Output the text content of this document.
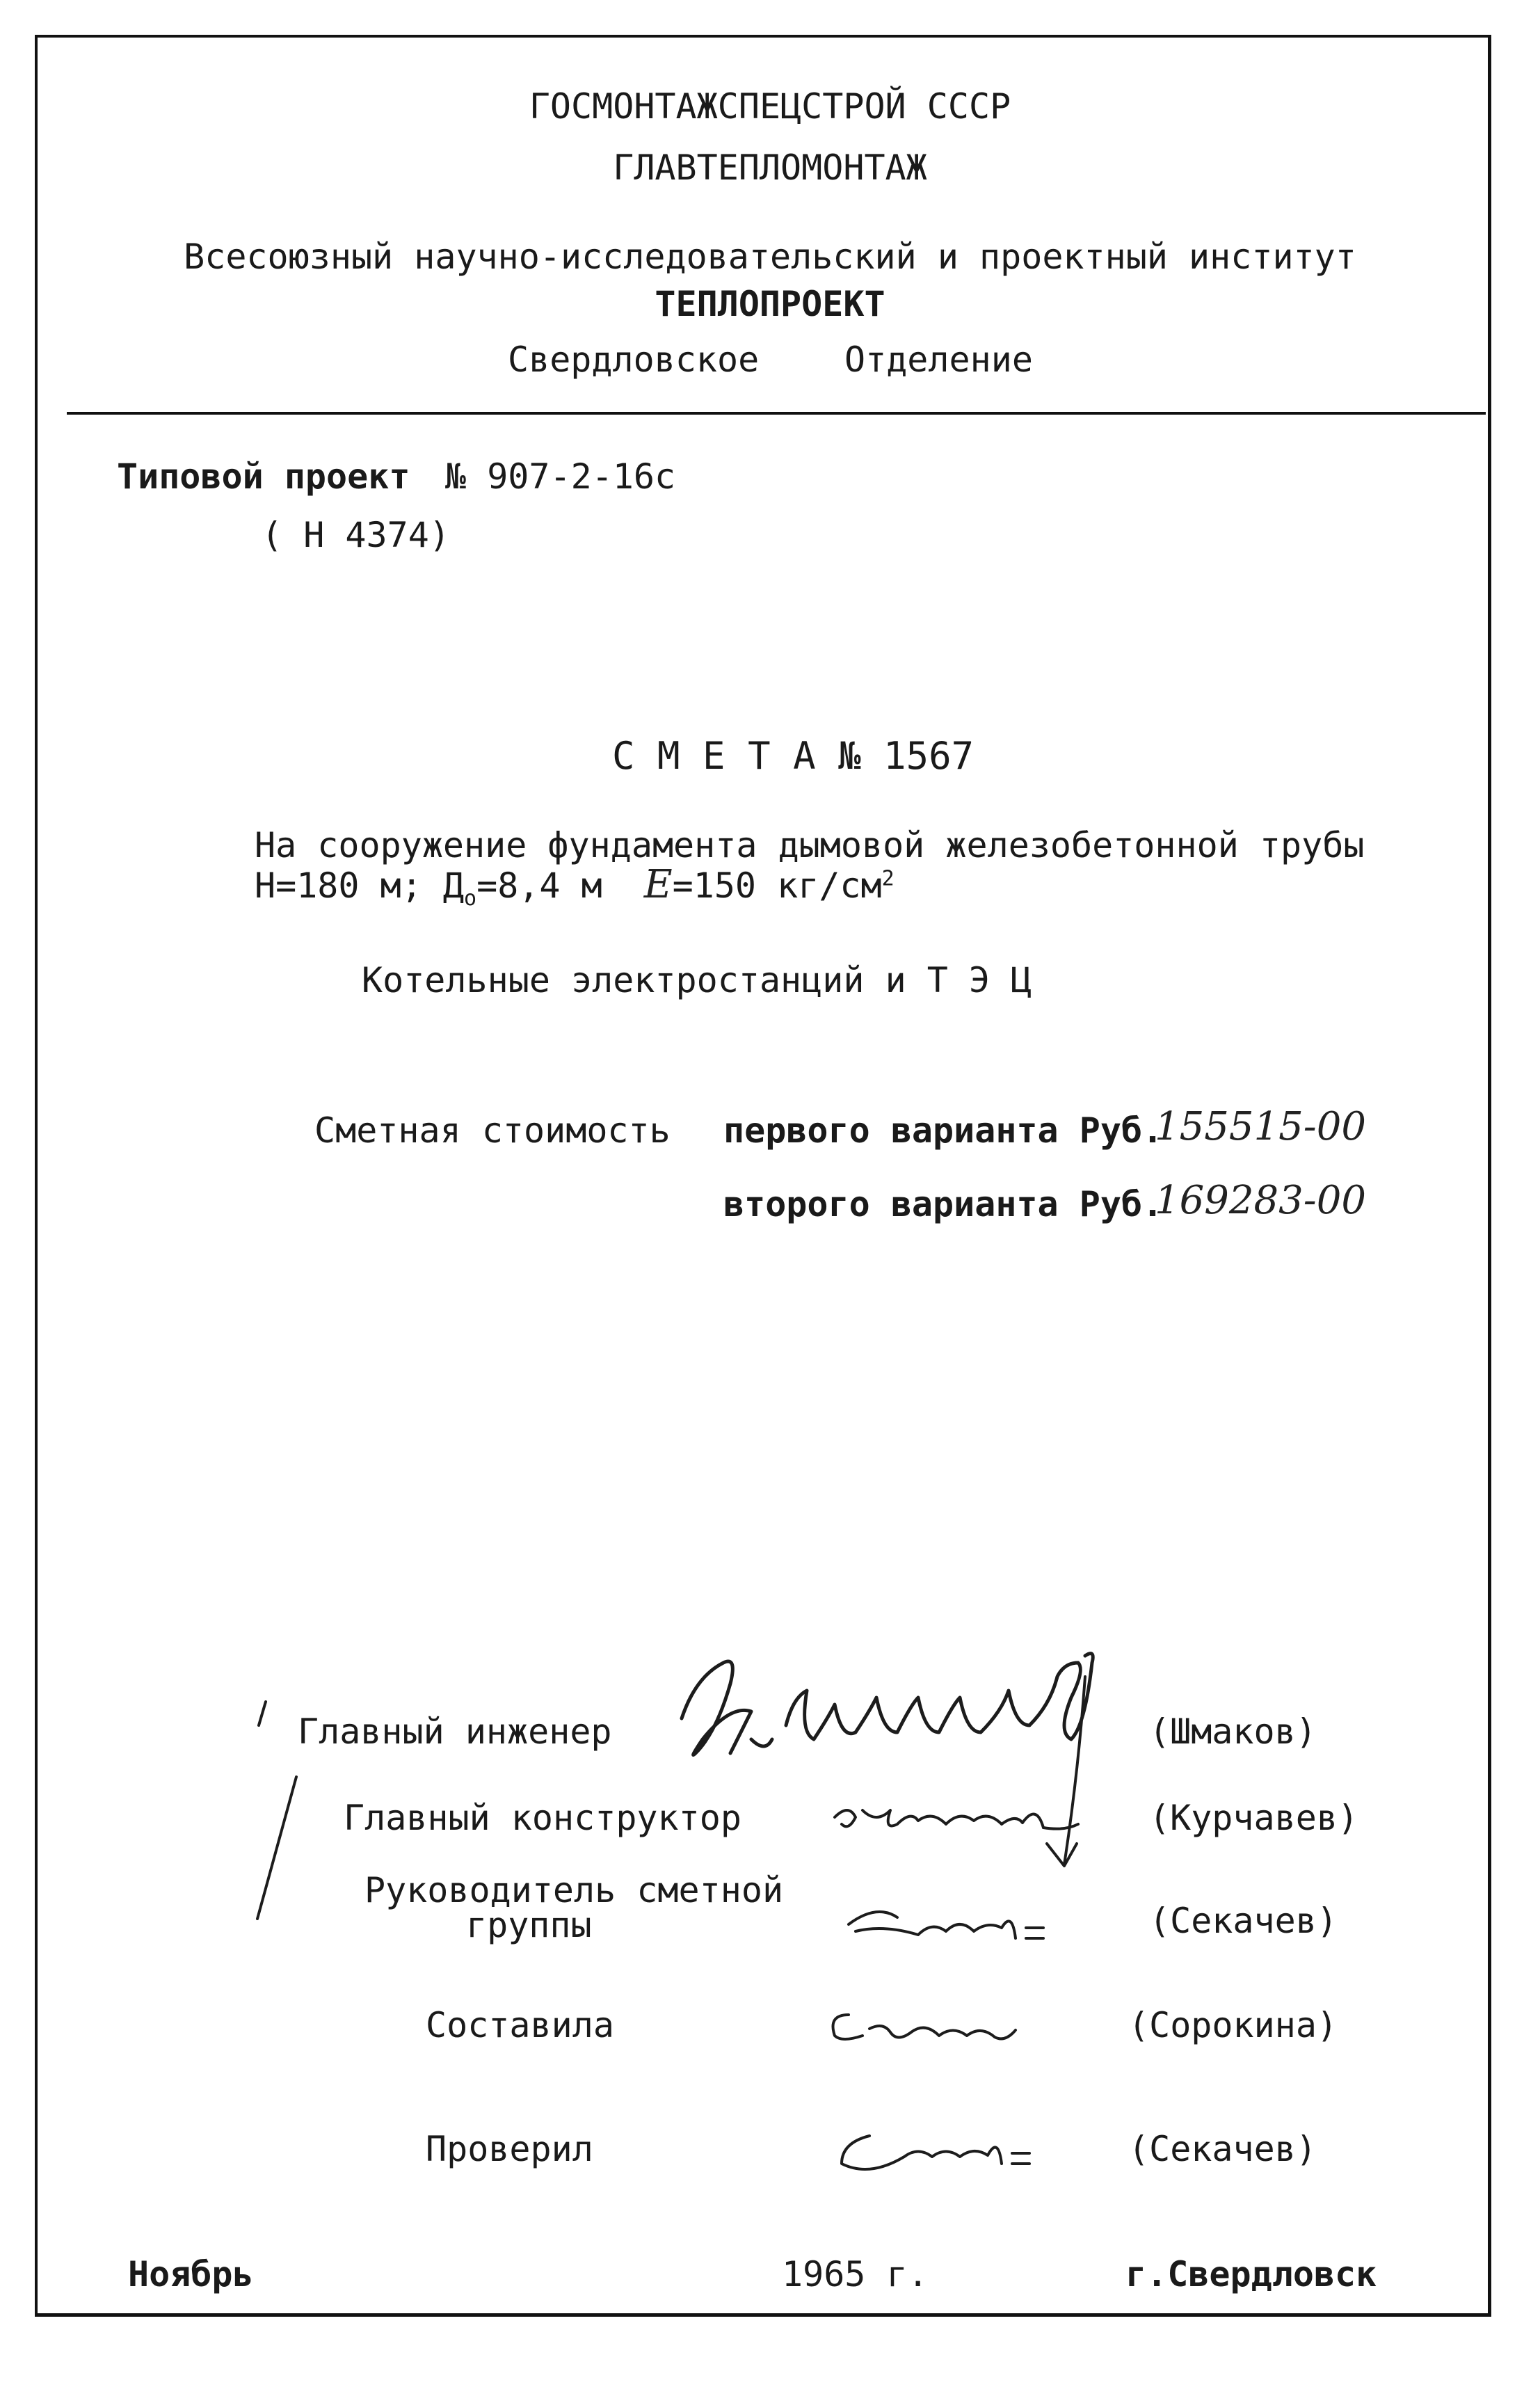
ГОСМОНТАЖСПЕЦСТРОЙ СССР
ГЛАВТЕПЛОМОНТАЖ
Всесоюзный научно-исследовательский и проектный институт
ТЕПЛОПРОЕКТ
Свердловское Отделение
Типовой проект № 907-2-16с
( Н 4374)
С М Е Т А № 1567
На сооружение фундамента дымовой железобетонной трубы
Н=180 м; $Д_о=8,4$ м E=150 $кг/см^2$
Котельные электростанций и Т Э Ц
Сметная стоимость первого варианта Руб.
155515-00
второго варианта Руб.
169283-00
Главный инженер	(Шмаков)
Главный конструктор	(Курчавев)
Руководитель сметной
группы	(Секачев)
Составила	(Сорокина)
Проверил	(Секачев)
Ноябрь	1965 г.	г.Свердловск
